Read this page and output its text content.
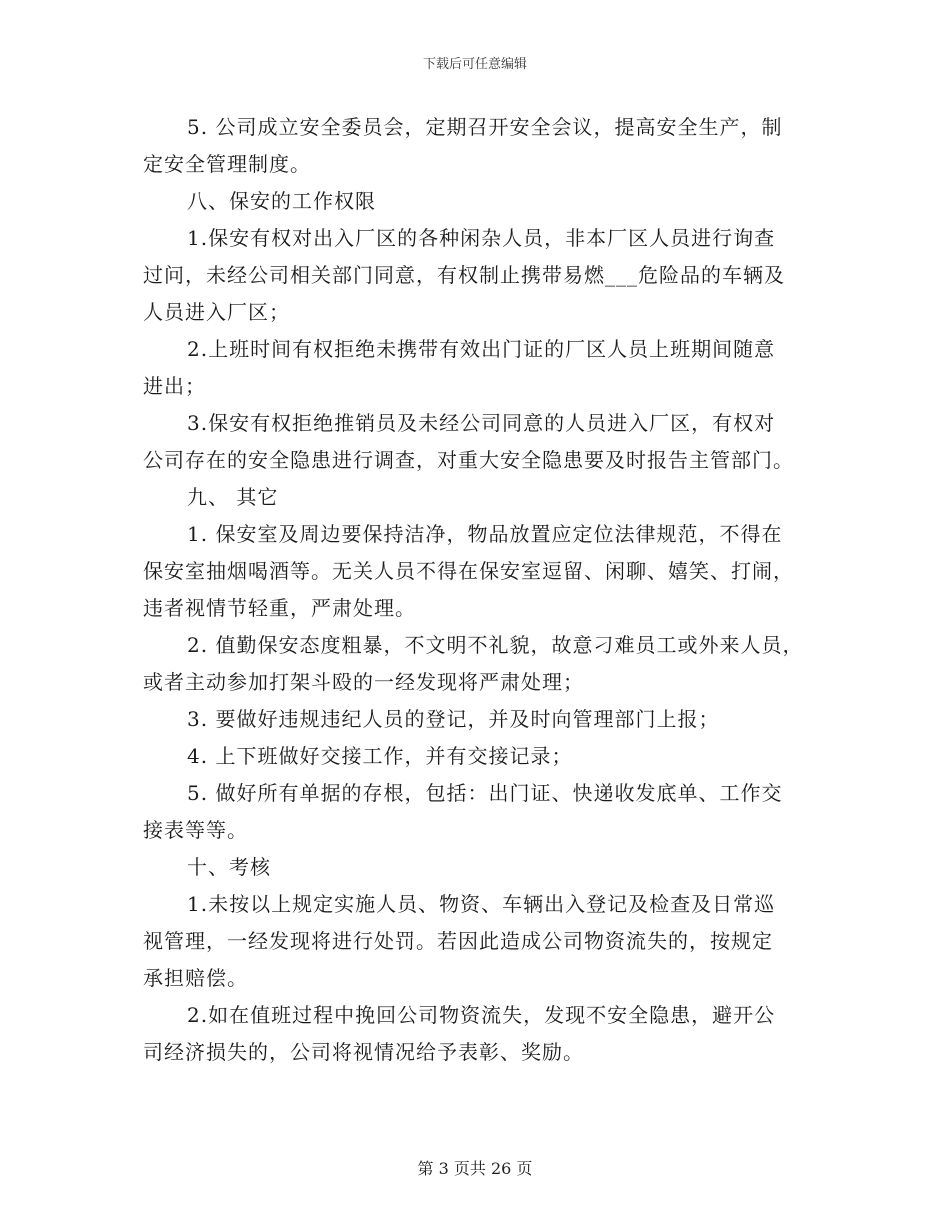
下载后可任意编辑
5. 公司成立安全委员会，定期召开安全会议，提高安全生产，制
定安全管理制度。
八、保安的工作权限
1.保安有权对出入厂区的各种闲杂人员，非本厂区人员进行询查
过问，未经公司相关部门同意，有权制止携带易燃___危险品的车辆及
人员进入厂区；
2.上班时间有权拒绝未携带有效出门证的厂区人员上班期间随意
进出；
3.保安有权拒绝推销员及未经公司同意的人员进入厂区，有权对
公司存在的安全隐患进行调查，对重大安全隐患要及时报告主管部门。
九、 其它
1. 保安室及周边要保持洁净，物品放置应定位法律规范，不得在
保安室抽烟喝酒等。无关人员不得在保安室逗留、闲聊、嬉笑、打闹，
违者视情节轻重，严肃处理。
2. 值勤保安态度粗暴，不文明不礼貌，故意刁难员工或外来人员，
或者主动参加打架斗殴的一经发现将严肃处理；
3. 要做好违规违纪人员的登记，并及时向管理部门上报；
4. 上下班做好交接工作，并有交接记录；
5. 做好所有单据的存根，包括：出门证、快递收发底单、工作交
接表等等。
十、考核
1.未按以上规定实施人员、物资、车辆出入登记及检查及日常巡
视管理，一经发现将进行处罚。若因此造成公司物资流失的，按规定
承担赔偿。
2.如在值班过程中挽回公司物资流失，发现不安全隐患，避开公
司经济损失的，公司将视情况给予表彰、奖励。
第 3 页共 26 页
